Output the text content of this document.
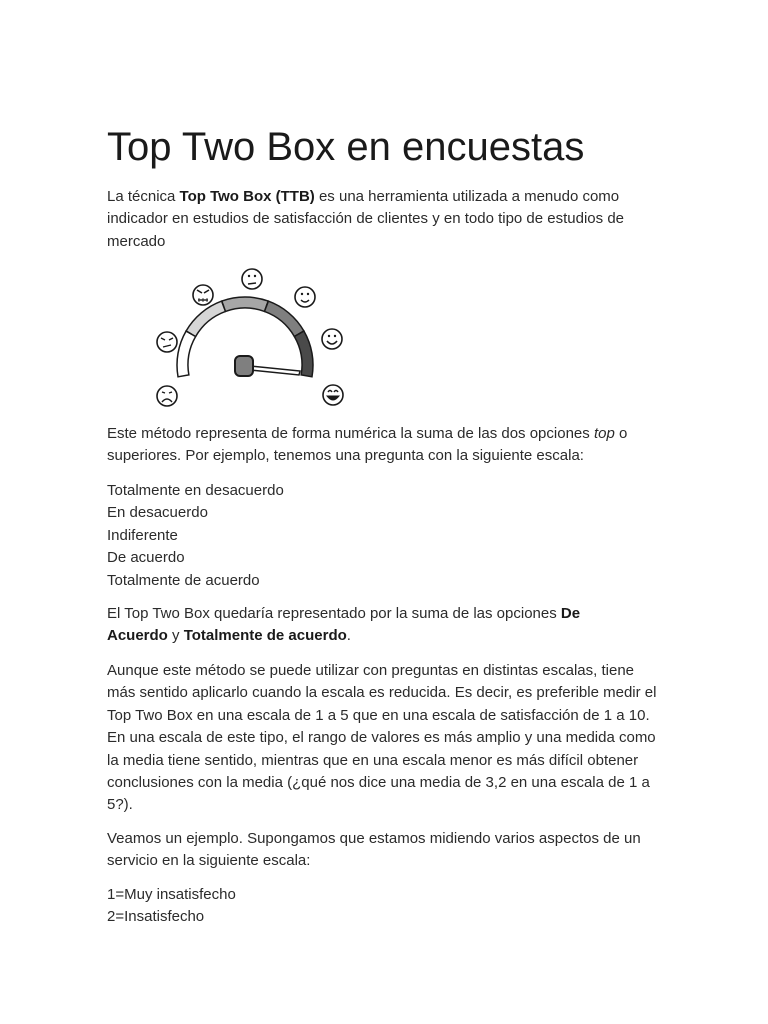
Top Two Box en encuestas

La técnica Top Two Box (TTB) es una herramienta utilizada a menudo como
indicador en estudios de satisfacción de clientes y en todo tipo de estudios de
mercado

Este método representa de forma numérica la suma de las dos opciones top o
superiores. Por ejemplo, tenemos una pregunta con la siguiente escala:

Totalmente en desacuerdo
En desacuerdo
Indiferente
De acuerdo
Totalmente de acuerdo

El Top Two Box quedaría representado por la suma de las opciones De
Acuerdo y Totalmente de acuerdo.

Aunque este método se puede utilizar con preguntas en distintas escalas, tiene
más sentido aplicarlo cuando la escala es reducida. Es decir, es preferible medir el
Top Two Box en una escala de 1 a 5 que en una escala de satisfacción de 1 a 10.
En una escala de este tipo, el rango de valores es más amplio y una medida como
la media tiene sentido, mientras que en una escala menor es más difícil obtener
conclusiones con la media (¿qué nos dice una media de 3,2 en una escala de 1 a
5?).

Veamos un ejemplo. Supongamos que estamos midiendo varios aspectos de un
servicio en la siguiente escala:

1=Muy insatisfecho
2=Insatisfecho
